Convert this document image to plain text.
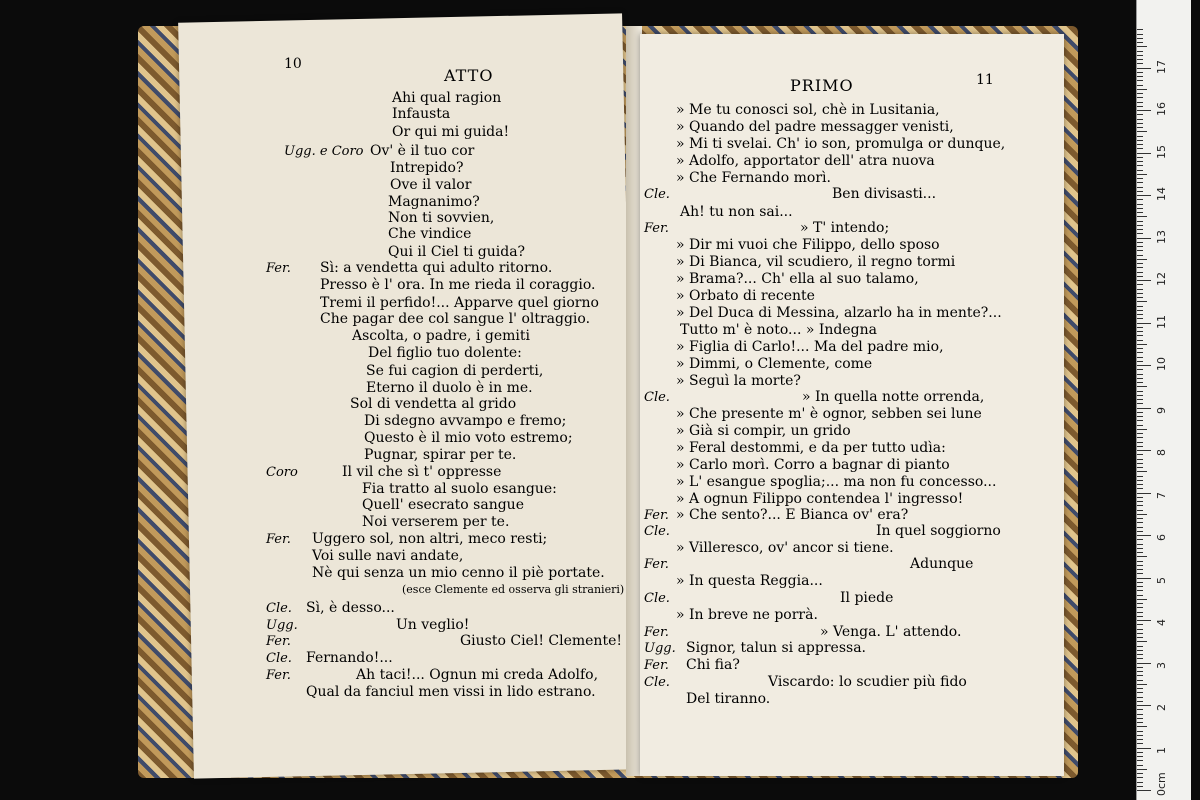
Ahi qual ragion
Infausta
Or qui mi guida!
Ov' è il tuo cor
Ugg. e Coro
Intrepido?
Ove il valor
Magnanimo?
Non ti sovvien,
Che vindice
Qui il Ciel ti guida?
Sì: a vendetta qui adulto ritorno.
Fer.
Presso è l' ora. In me rieda il coraggio.
Tremi il perfido!... Apparve quel giorno
Che pagar dee col sangue l' oltraggio.
Ascolta, o padre, i gemiti
Del figlio tuo dolente:
Se fui cagion di perderti,
Eterno il duolo è in me.
Sol di vendetta al grido
Di sdegno avvampo e fremo;
Questo è il mio voto estremo;
Pugnar, spirar per te.
Il vil che sì t' oppresse
Coro
Fia tratto al suolo esangue:
Quell' esecrato sangue
Noi verserem per te.
Uggero sol, non altri, meco resti;
Fer.
Voi sulle navi andate,
Nè qui senza un mio cenno il piè portate.
(esce Clemente ed osserva gli stranieri)
Sì, è desso...
Cle.
Un veglio!
Ugg.
Giusto Ciel! Clemente!
Fer.
Fernando!...
Cle.
Ah taci!... Ognun mi creda Adolfo,
Fer.
Qual da fanciul men vissi in lido estrano.
» Me tu conosci sol, chè in Lusitania,
» Quando del padre messagger venisti,
» Mi ti svelai. Ch' io son, promulga or dunque,
» Adolfo, apportator dell' atra nuova
» Che Fernando morì.
Ben divisasti...
Cle.
Ah! tu non sai...
» T' intendo;
Fer.
» Dir mi vuoi che Filippo, dello sposo
» Di Bianca, vil scudiero, il regno tormi
» Brama?... Ch' ella al suo talamo,
» Orbato di recente
» Del Duca di Messina, alzarlo ha in mente?...
Tutto m' è noto... » Indegna
» Figlia di Carlo!... Ma del padre mio,
» Dimmi, o Clemente, come
» Seguì la morte?
» In quella notte orrenda,
Cle.
» Che presente m' è ognor, sebben sei lune
» Già si compir, un grido
» Feral destommi, e da per tutto udìa:
» Carlo morì. Corro a bagnar di pianto
» L' esangue spoglia;... ma non fu concesso...
» A ognun Filippo contendea l' ingresso!
» Che sento?... E Bianca ov' era?
Fer.
In quel soggiorno
Cle.
» Villeresco, ov' ancor si tiene.
Adunque
Fer.
» In questa Reggia...
Il piede
Cle.
» In breve ne porrà.
» Venga. L' attendo.
Fer.
Signor, talun si appressa.
Ugg.
Chi fia?
Fer.
Viscardo: lo scudier più fido
Cle.
Del tiranno.
0cm
1
2
3
4
5
6
7
8
9
10
11
12
13
14
15
16
17
10
ATTO
PRIMO	11
